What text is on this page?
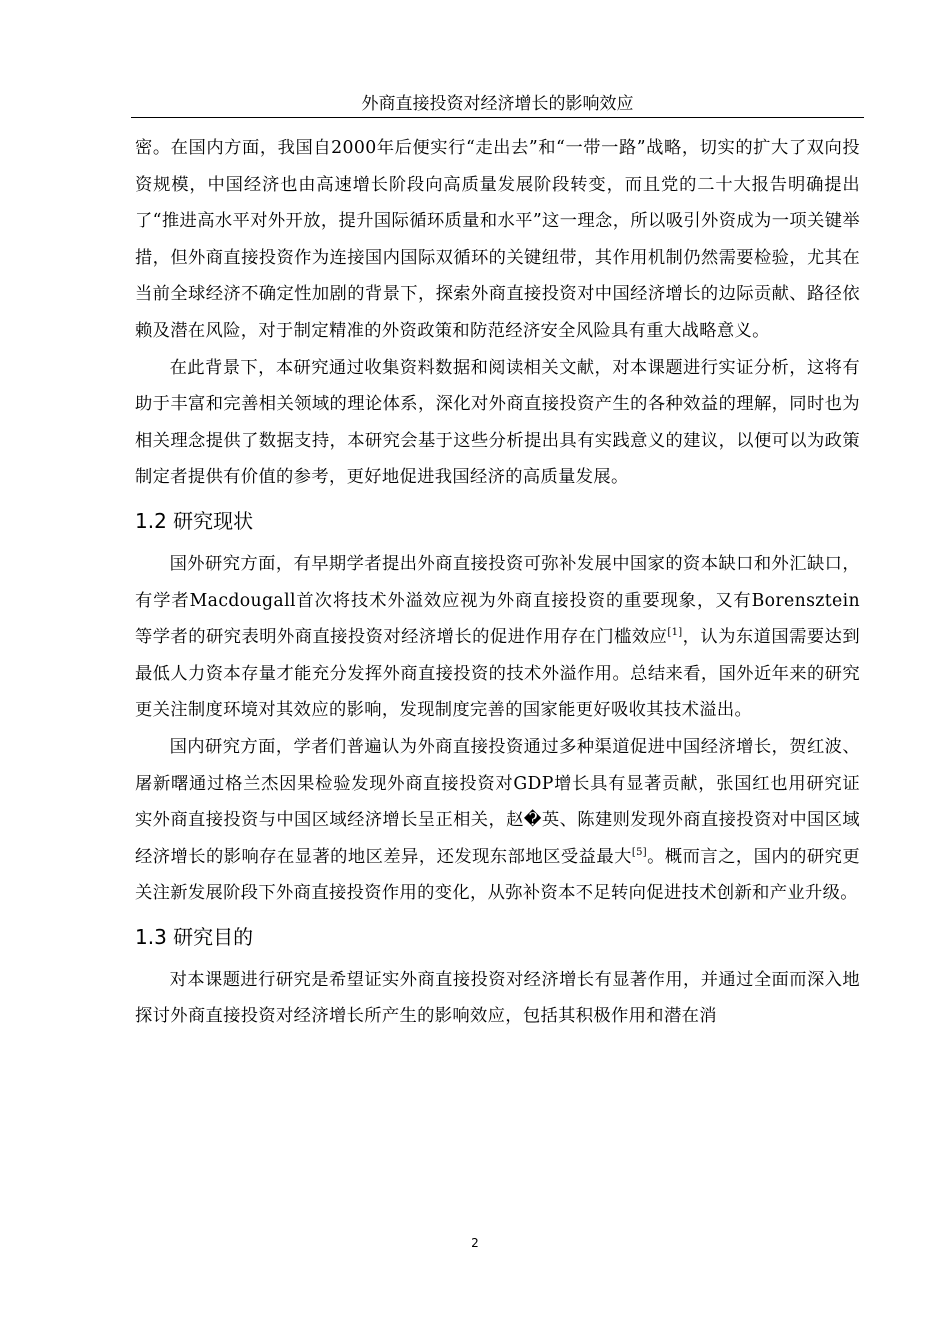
外商直接投资对经济增长的影响效应

密。在国内方面，我国自2000年后便实行“走出去”和“一带一路”战略，切实的扩大了双向投资规模，中国经济也由高速增长阶段向高质量发展阶段转变，而且党的二十大报告明确提出了“推进高水平对外开放，提升国际循环质量和水平”这一理念，所以吸引外资成为一项关键举措，但外商直接投资作为连接国内国际双循环的关键纽带，其作用机制仍然需要检验，尤其在当前全球经济不确定性加剧的背景下，探索外商直接投资对中国经济增长的边际贡献、路径依赖及潜在风险，对于制定精准的外资政策和防范经济安全风险具有重大战略意义。

在此背景下，本研究通过收集资料数据和阅读相关文献，对本课题进行实证分析，这将有助于丰富和完善相关领域的理论体系，深化对外商直接投资产生的各种效益的理解，同时也为相关理念提供了数据支持，本研究会基于这些分析提出具有实践意义的建议，以便可以为政策制定者提供有价值的参考，更好地促进我国经济的高质量发展。

1.2 研究现状

国外研究方面，有早期学者提出外商直接投资可弥补发展中国家的资本缺口和外汇缺口，有学者Macdougall首次将技术外溢效应视为外商直接投资的重要现象，又有Borensztein等学者的研究表明外商直接投资对经济增长的促进作用存在门槛效应[1]，认为东道国需要达到最低人力资本存量才能充分发挥外商直接投资的技术外溢作用。总结来看，国外近年来的研究更关注制度环境对其效应的影响，发现制度完善的国家能更好吸收其技术溢出。

国内研究方面，学者们普遍认为外商直接投资通过多种渠道促进中国经济增长，贺红波、屠新曙通过格兰杰因果检验发现外商直接投资对GDP增长具有显著贡献，张国红也用研究证实外商直接投资与中国区域经济增长呈正相关，赵�英、陈建则发现外商直接投资对中国区域经济增长的影响存在显著的地区差异，还发现东部地区受益最大[5]。概而言之，国内的研究更关注新发展阶段下外商直接投资作用的变化，从弥补资本不足转向促进技术创新和产业升级。

1.3 研究目的

对本课题进行研究是希望证实外商直接投资对经济增长有显著作用，并通过全面而深入地探讨外商直接投资对经济增长所产生的影响效应，包括其积极作用和潜在消

2
